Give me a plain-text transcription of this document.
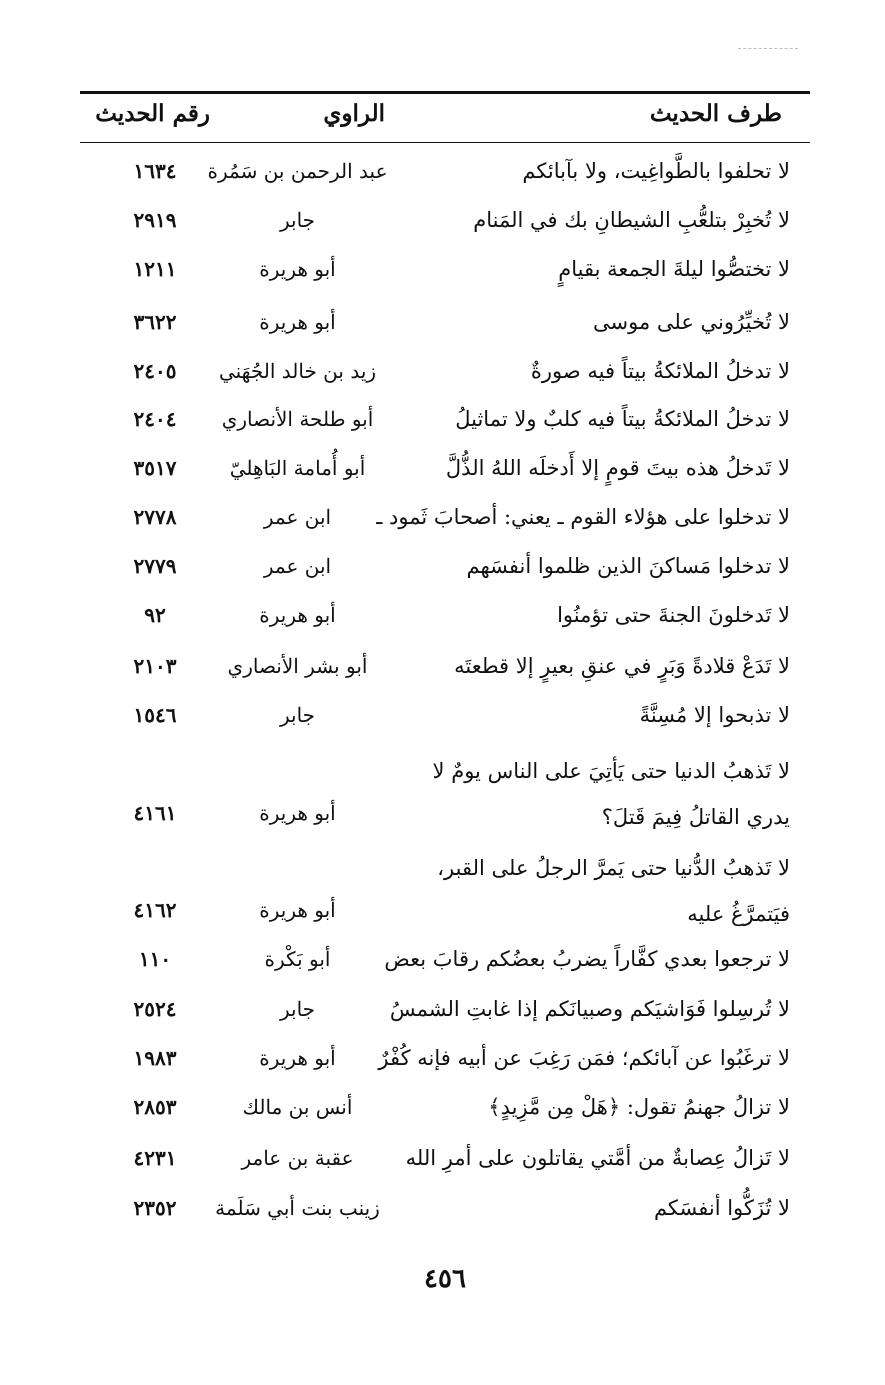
طرف الحديث
الراوي
رقم الحديث
لا تحلفوا بالطَّواغِيت، ولا بآبائكم
عبد الرحمن بن سَمُرة
١٦٣٤
لا تُخبِرْ بتلعُّبِ الشيطانِ بك في المَنام
جابر
٢٩١٩
لا تختصُّوا ليلةَ الجمعة بقيامٍ
أبو هريرة
١٢١١
لا تُخيِّرُوني على موسى
أبو هريرة
٣٦٢٢
لا تدخلُ الملائكةُ بيتاً فيه صورةٌ
زيد بن خالد الجُهَني
٢٤٠٥
لا تدخلُ الملائكةُ بيتاً فيه كلبٌ ولا تماثيلُ
أبو طلحة الأنصاري
٢٤٠٤
لا تَدخلُ هذه بيتَ قومٍ إلا أَدخلَه اللهُ الذُّلَّ
أبو أُمامة البَاهِليّ
٣٥١٧
لا تدخلوا على هؤلاء القوم ـ يعني: أصحابَ ثَمود ـ
ابن عمر
٢٧٧٨
لا تدخلوا مَساكنَ الذين ظلموا أنفسَهم
ابن عمر
٢٧٧٩
لا تَدخلونَ الجنةَ حتى تؤمنُوا
أبو هريرة
٩٢
لا تَدَعْ قلادةً وَبَرٍ في عنقِ بعيرٍ إلا قطعتَه
أبو بشر الأنصاري
٢١٠٣
لا تذبحوا إلا مُسِنَّةً
جابر
١٥٤٦
لا تَذهبُ الدنيا حتى يَأتِيَ على الناس يومٌ لا يدري القاتلُ فِيمَ قَتلَ؟
أبو هريرة
٤١٦١
لا تَذهبُ الدُّنيا حتى يَمرَّ الرجلُ على القبر، فيَتمرَّغُ عليه
أبو هريرة
٤١٦٢
لا ترجعوا بعدي كفَّاراً يضربُ بعضُكم رقابَ بعض
أبو بَكْرة
١١٠
لا تُرسِلوا فَوَاشيَكم وصبيانَكم إذا غابتِ الشمسُ
جابر
٢٥٢٤
لا ترغَبُوا عن آبائكم؛ فمَن رَغِبَ عن أبيه فإنه كُفْرٌ
أبو هريرة
١٩٨٣
لا تزالُ جهنمُ تقول: ﴿هَلْ مِن مَّزِيدٍ﴾
أنس بن مالك
٢٨٥٣
لا تَزالُ عِصابةٌ من أمَّتي يقاتلون على أمرِ الله
عقبة بن عامر
٤٢٣١
لا تُزَكُّوا أنفسَكم
زينب بنت أبي سَلَمة
٢٣٥٢
٤٥٦
